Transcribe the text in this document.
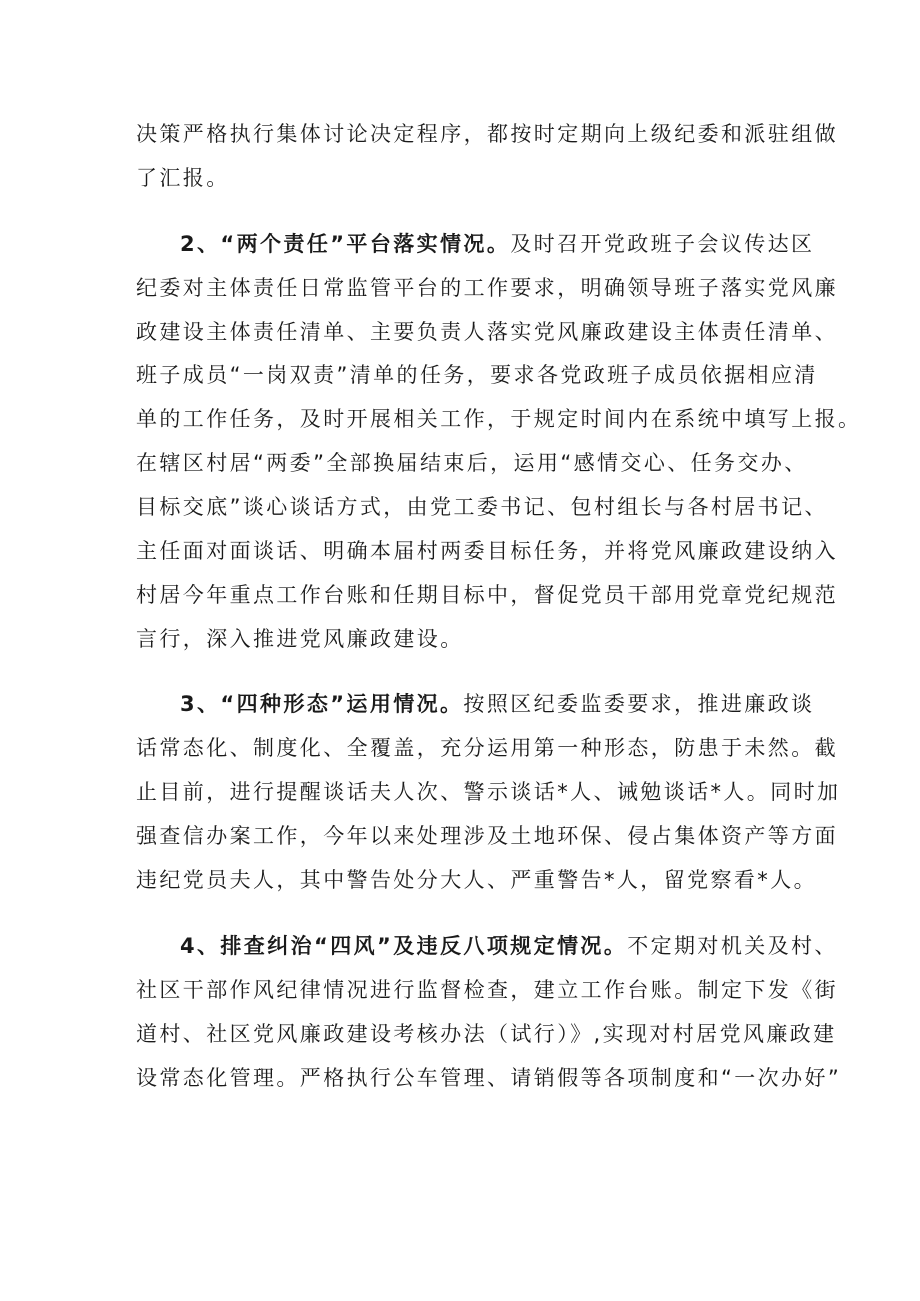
决策严格执行集体讨论决定程序，都按时定期向上级纪委和派驻组做
了汇报。
2、“两个责任”平台落实情况。及时召开党政班子会议传达区
纪委对主体责任日常监管平台的工作要求，明确领导班子落实党风廉
政建设主体责任清单、主要负责人落实党风廉政建设主体责任清单、
班子成员“一岗双责”清单的任务，要求各党政班子成员依据相应清
单的工作任务，及时开展相关工作，于规定时间内在系统中填写上报。
在辖区村居“两委”全部换届结束后，运用“感情交心、任务交办、
目标交底”谈心谈话方式，由党工委书记、包村组长与各村居书记、
主任面对面谈话、明确本届村两委目标任务，并将党风廉政建设纳入
村居今年重点工作台账和任期目标中，督促党员干部用党章党纪规范
言行，深入推进党风廉政建设。
3、“四种形态”运用情况。按照区纪委监委要求，推进廉政谈
话常态化、制度化、全覆盖，充分运用第一种形态，防患于未然。截
止目前，进行提醒谈话夫人次、警示谈话*人、诫勉谈话*人。同时加
强查信办案工作，今年以来处理涉及土地环保、侵占集体资产等方面
违纪党员夫人，其中警告处分大人、严重警告*人，留党察看*人。
4、排查纠治“四风”及违反八项规定情况。不定期对机关及村、
社区干部作风纪律情况进行监督检查，建立工作台账。制定下发《街
道村、社区党风廉政建设考核办法（试行）》,实现对村居党风廉政建
设常态化管理。严格执行公车管理、请销假等各项制度和“一次办好”
